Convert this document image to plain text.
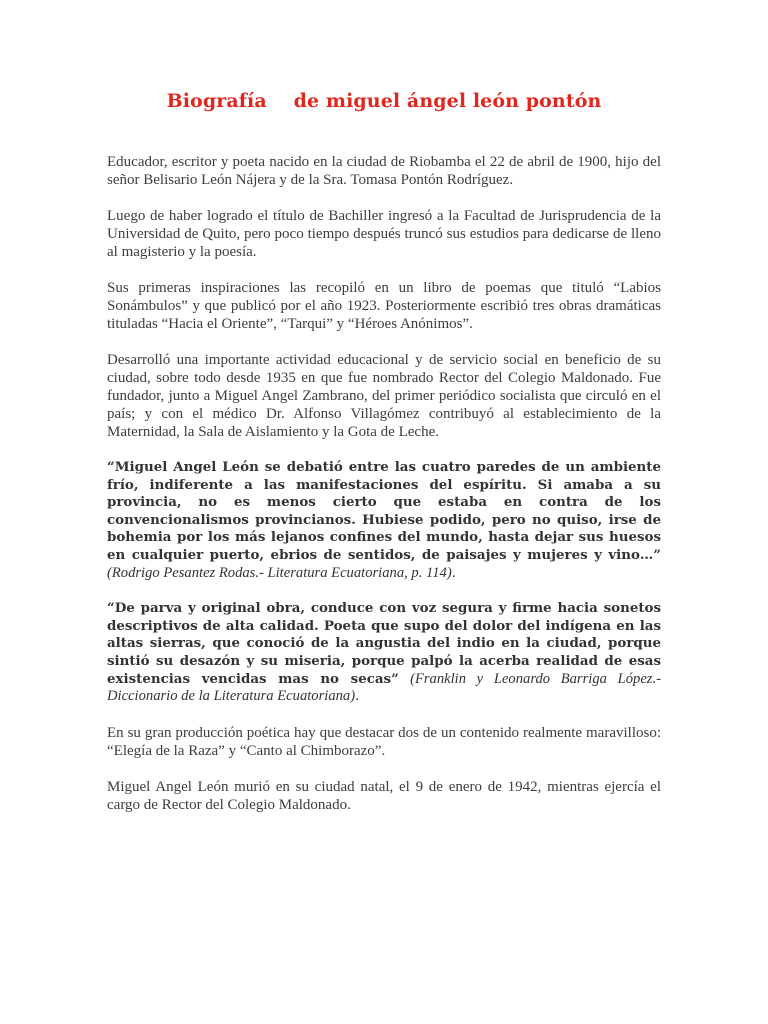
Biografía    de miguel ángel león pontón

Educador, escritor y poeta nacido en la ciudad de Riobamba el 22 de abril de 1900, hijo del señor Belisario León Nájera y de la Sra. Tomasa Pontón Rodríguez.

Luego de haber logrado el título de Bachiller ingresó a la Facultad de Jurisprudencia de la Universidad de Quito, pero poco tiempo después truncó sus estudios para dedicarse de lleno al magisterio y la poesía.

Sus primeras inspiraciones las recopiló en un libro de poemas que tituló “Labios Sonámbulos” y que publicó por el año 1923. Posteriormente escribió tres obras dramáticas tituladas “Hacia el Oriente”, “Tarqui” y “Héroes Anónimos”.

Desarrolló una importante actividad educacional y de servicio social en beneficio de su ciudad, sobre todo desde 1935 en que fue nombrado Rector del Colegio Maldonado. Fue fundador, junto a Miguel Angel Zambrano, del primer periódico socialista que circuló en el país; y con el médico Dr. Alfonso Villagómez contribuyó al establecimiento de la Maternidad, la Sala de Aislamiento y la Gota de Leche.

“Miguel Angel León se debatió entre las cuatro paredes de un ambiente frío, indiferente a las manifestaciones del espíritu. Si amaba a su provincia, no es menos cierto que estaba en contra de los convencionalismos provincianos. Hubiese podido, pero no quiso, irse de bohemia por los más lejanos confines del mundo, hasta dejar sus huesos en cualquier puerto, ebrios de sentidos, de paisajes y mujeres y vino…” (Rodrigo Pesantez Rodas.- Literatura Ecuatoriana, p. 114).

“De parva y original obra, conduce con voz segura y firme hacia sonetos descriptivos de alta calidad. Poeta que supo del dolor del indígena en las altas sierras, que conoció de la angustia del indio en la ciudad, porque sintió su desazón y su miseria, porque palpó la acerba realidad de esas existencias vencidas mas no secas” (Franklin y Leonardo Barriga López.- Diccionario de la Literatura Ecuatoriana).

En su gran producción poética hay que destacar dos de un contenido realmente maravilloso: “Elegía de la Raza” y “Canto al Chimborazo”.

Miguel Angel León murió en su ciudad natal, el 9 de enero de 1942, mientras ejercía el cargo de Rector del Colegio Maldonado.
